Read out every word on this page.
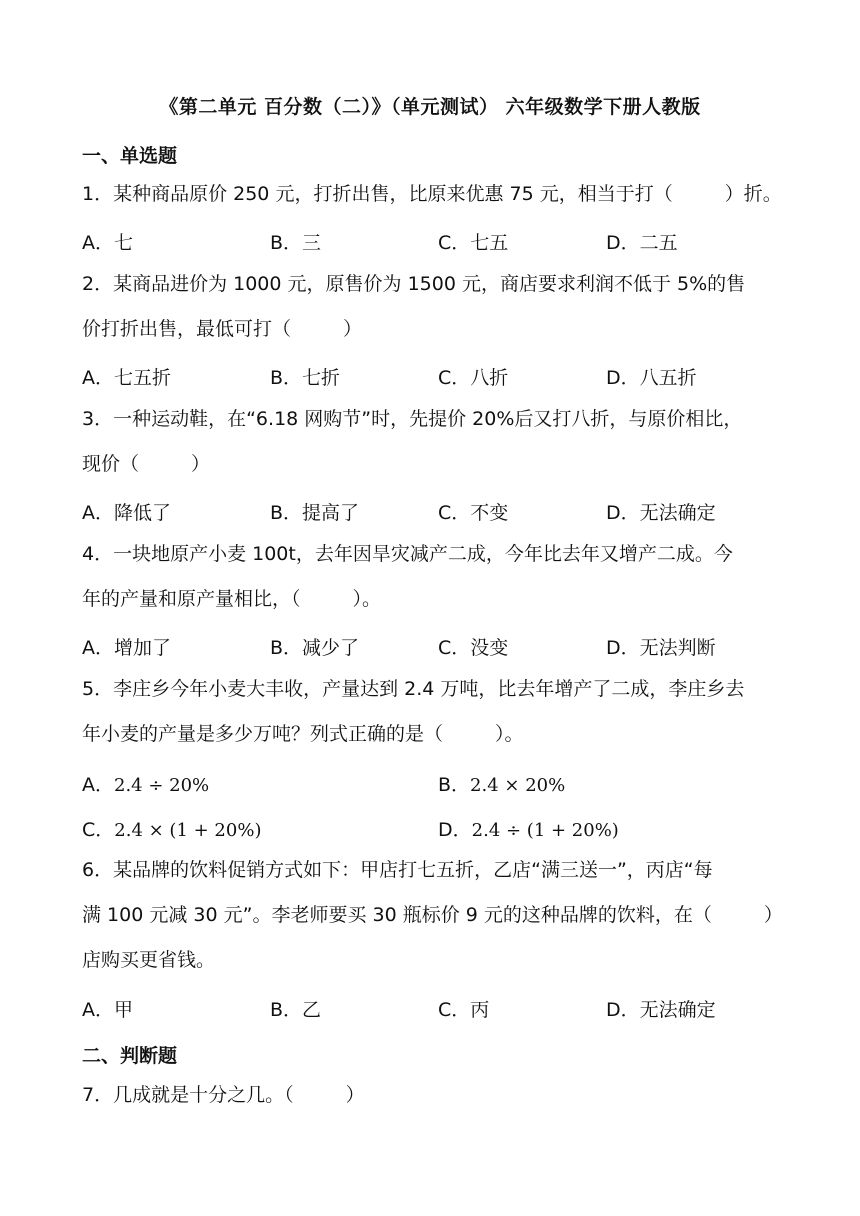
《第二单元 百分数（二）》（单元测试） 六年级数学下册人教版
一、单选题
1．某种商品原价 250 元，打折出售，比原来优惠 75 元，相当于打（	）折。
A．七	B．三	C．七五	D．二五
2．某商品进价为 1000 元，原售价为 1500 元，商店要求利润不低于 5%的售
价打折出售，最低可打（	）
A．七五折	B．七折	C．八折	D．八五折
3．一种运动鞋，在“6.18 网购节”时，先提价 20%后又打八折，与原价相比，
现价（	）
A．降低了	B．提高了	C．不变	D．无法确定
4．一块地原产小麦 100t，去年因旱灾减产二成，今年比去年又增产二成。今
年的产量和原产量相比，（	）。
A．增加了	B．减少了	C．没变	D．无法判断
5．李庄乡今年小麦大丰收，产量达到 2.4 万吨，比去年增产了二成，李庄乡去
年小麦的产量是多少万吨？列式正确的是（	）。
A．2.4 ÷ 20%	B．2.4 × 20%
C．2.4 × (1 + 20%)	D．2.4 ÷ (1 + 20%)
6．某品牌的饮料促销方式如下：甲店打七五折，乙店“满三送一”，丙店“每
满 100 元减 30 元”。李老师要买 30 瓶标价 9 元的这种品牌的饮料，在（	）
店购买更省钱。
A．甲	B．乙	C．丙	D．无法确定
二、判断题
7．几成就是十分之几。（	）
